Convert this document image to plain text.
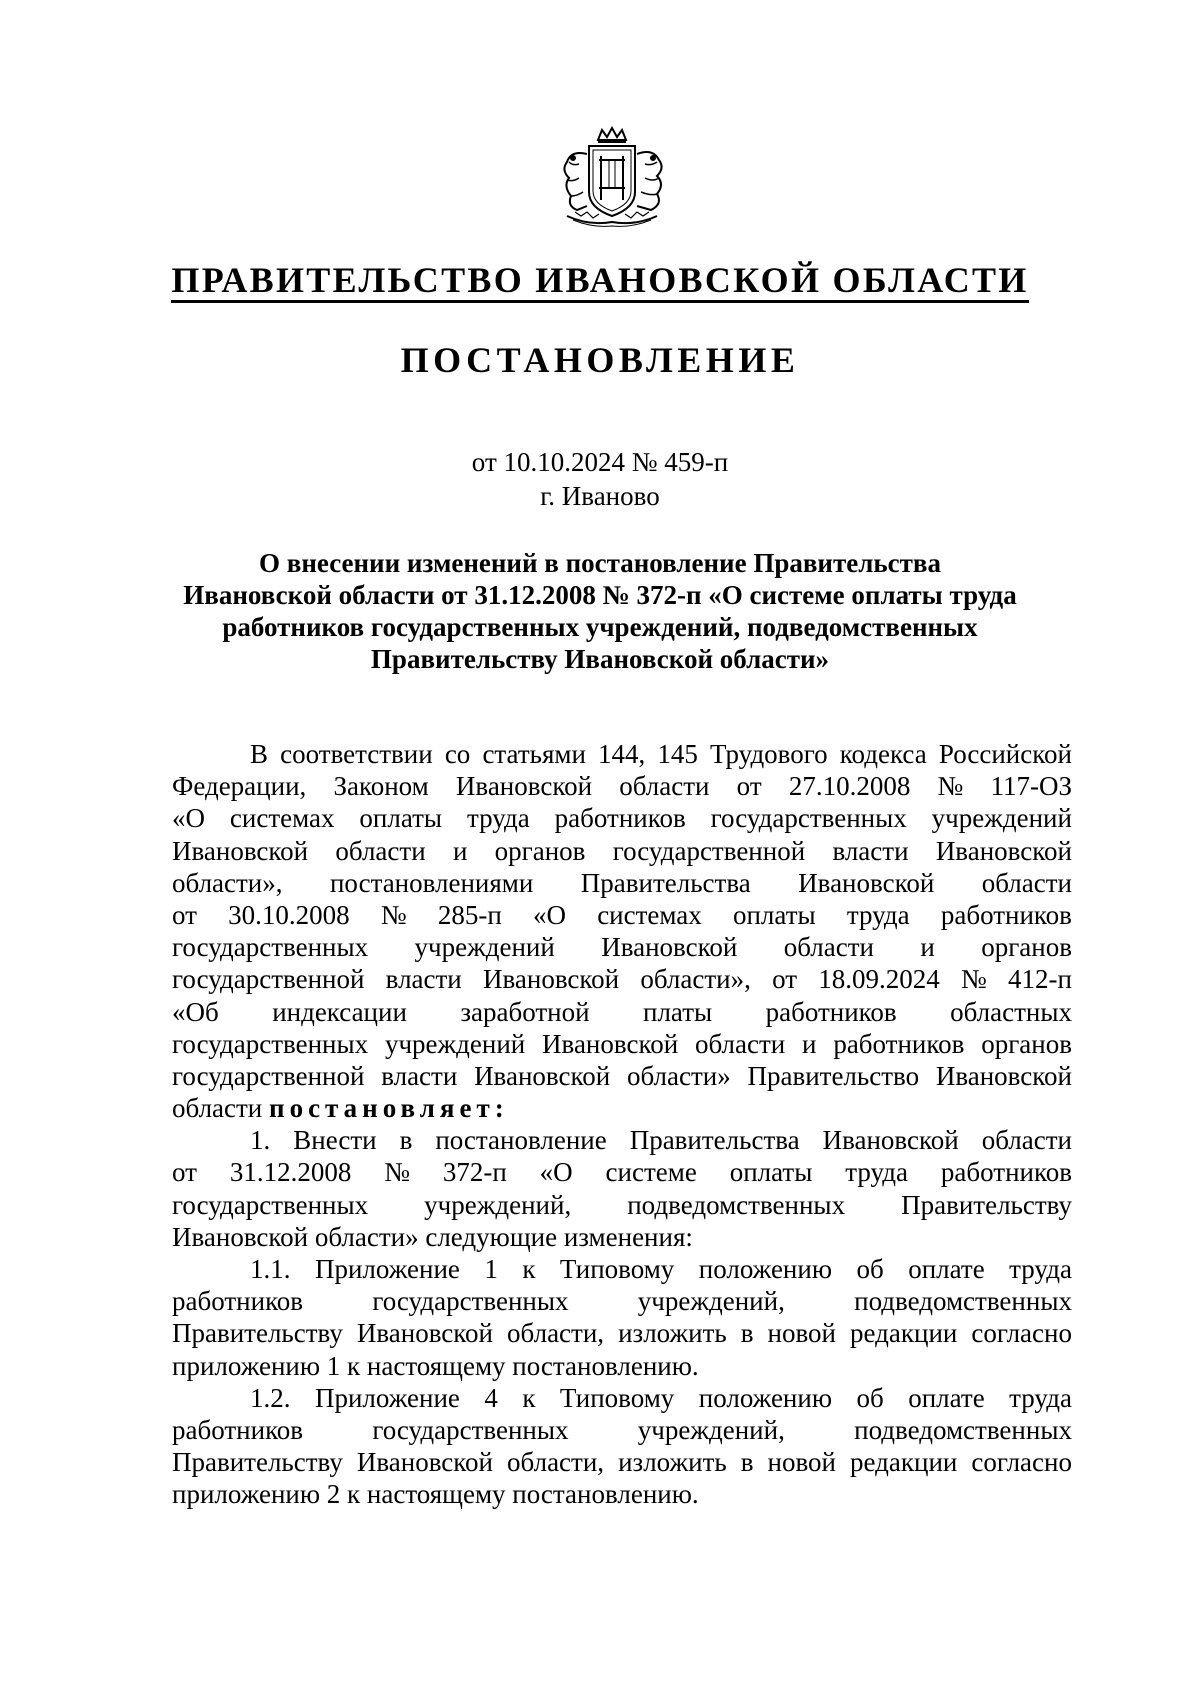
ПРАВИТЕЛЬСТВО ИВАНОВСКОЙ ОБЛАСТИ
ПОСТАНОВЛЕНИЕ
от 10.10.2024 № 459-п
г. Иваново
О внесении изменений в постановление Правительства
Ивановской области от 31.12.2008 № 372-п «О системе оплаты труда
работников государственных учреждений, подведомственных
Правительству Ивановской области»
В соответствии со статьями 144, 145 Трудового кодекса Российской
Федерации, Законом Ивановской области от 27.10.2008 № 117-ОЗ
«О системах оплаты труда работников государственных учреждений
Ивановской области и органов государственной власти Ивановской
области», постановлениями Правительства Ивановской области
от 30.10.2008 № 285-п «О системах оплаты труда работников
государственных учреждений Ивановской области и органов
государственной власти Ивановской области», от 18.09.2024 № 412-п
«Об индексации заработной платы работников областных
государственных учреждений Ивановской области и работников органов
государственной власти Ивановской области» Правительство Ивановской
области
постановляет:
1. Внести в постановление Правительства Ивановской области
от 31.12.2008 № 372-п «О системе оплаты труда работников
государственных учреждений, подведомственных Правительству
Ивановской области» следующие изменения:
1.1. Приложение 1 к Типовому положению об оплате труда
работников	государственных	учреждений,	подведомственных
Правительству Ивановской области, изложить в новой редакции согласно
приложению 1 к настоящему постановлению.
1.2. Приложение 4 к Типовому положению об оплате труда
работников	государственных	учреждений,	подведомственных
Правительству Ивановской области, изложить в новой редакции согласно
приложению 2 к настоящему постановлению.
